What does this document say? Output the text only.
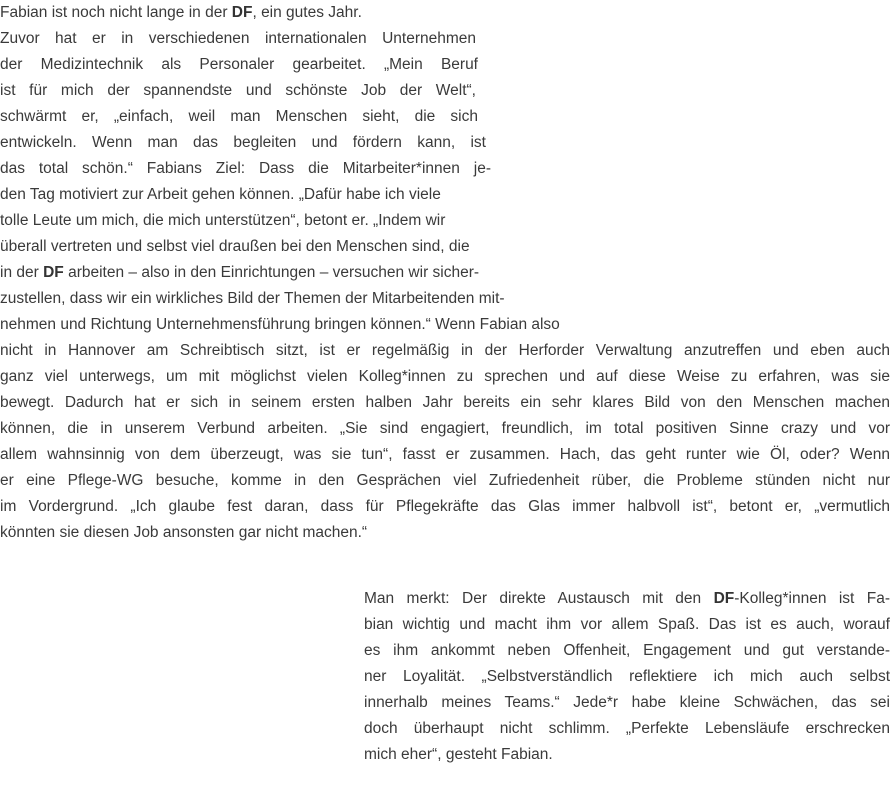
Fabian ist noch nicht lange in der DF, ein gutes Jahr.
Zuvor hat er in verschiedenen internationalen Unternehmen
der Medizintechnik als Personaler gearbeitet. „Mein Beruf
ist für mich der spannendste und schönste Job der Welt“,
schwärmt er, „einfach, weil man Menschen sieht, die sich
entwickeln. Wenn man das begleiten und fördern kann, ist
das total schön.“ Fabians Ziel: Dass die Mitarbeiter*innen je-
den Tag motiviert zur Arbeit gehen können. „Dafür habe ich viele
tolle Leute um mich, die mich unterstützen“, betont er. „Indem wir
überall vertreten und selbst viel draußen bei den Menschen sind, die
in der DF arbeiten – also in den Einrichtungen – versuchen wir sicher-
zustellen, dass wir ein wirkliches Bild der Themen der Mitarbeitenden mit-
nehmen und Richtung Unternehmensführung bringen können.“ Wenn Fabian also
nicht in Hannover am Schreibtisch sitzt, ist er regelmäßig in der Herforder Verwaltung anzutreffen und eben auch
ganz viel unterwegs, um mit möglichst vielen Kolleg*innen zu sprechen und auf diese Weise zu erfahren, was sie
bewegt. Dadurch hat er sich in seinem ersten halben Jahr bereits ein sehr klares Bild von den Menschen machen
können, die in unserem Verbund arbeiten. „Sie sind engagiert, freundlich, im total positiven Sinne crazy und vor
allem wahnsinnig von dem überzeugt, was sie tun“, fasst er zusammen. Hach, das geht runter wie Öl, oder? Wenn
er eine Pflege-WG besuche, komme in den Gesprächen viel Zufriedenheit rüber, die Probleme stünden nicht nur
im Vordergrund. „Ich glaube fest daran, dass für Pflegekräfte das Glas immer halbvoll ist“, betont er, „vermutlich
könnten sie diesen Job ansonsten gar nicht machen.“
Man merkt: Der direkte Austausch mit den DF-Kolleg*innen ist Fa-
bian wichtig und macht ihm vor allem Spaß. Das ist es auch, worauf
es ihm ankommt neben Offenheit, Engagement und gut verstande-
ner Loyalität. „Selbstverständlich reflektiere ich mich auch selbst
innerhalb meines Teams.“ Jede*r habe kleine Schwächen, das sei
doch überhaupt nicht schlimm. „Perfekte Lebensläufe erschrecken
mich eher“, gesteht Fabian.
